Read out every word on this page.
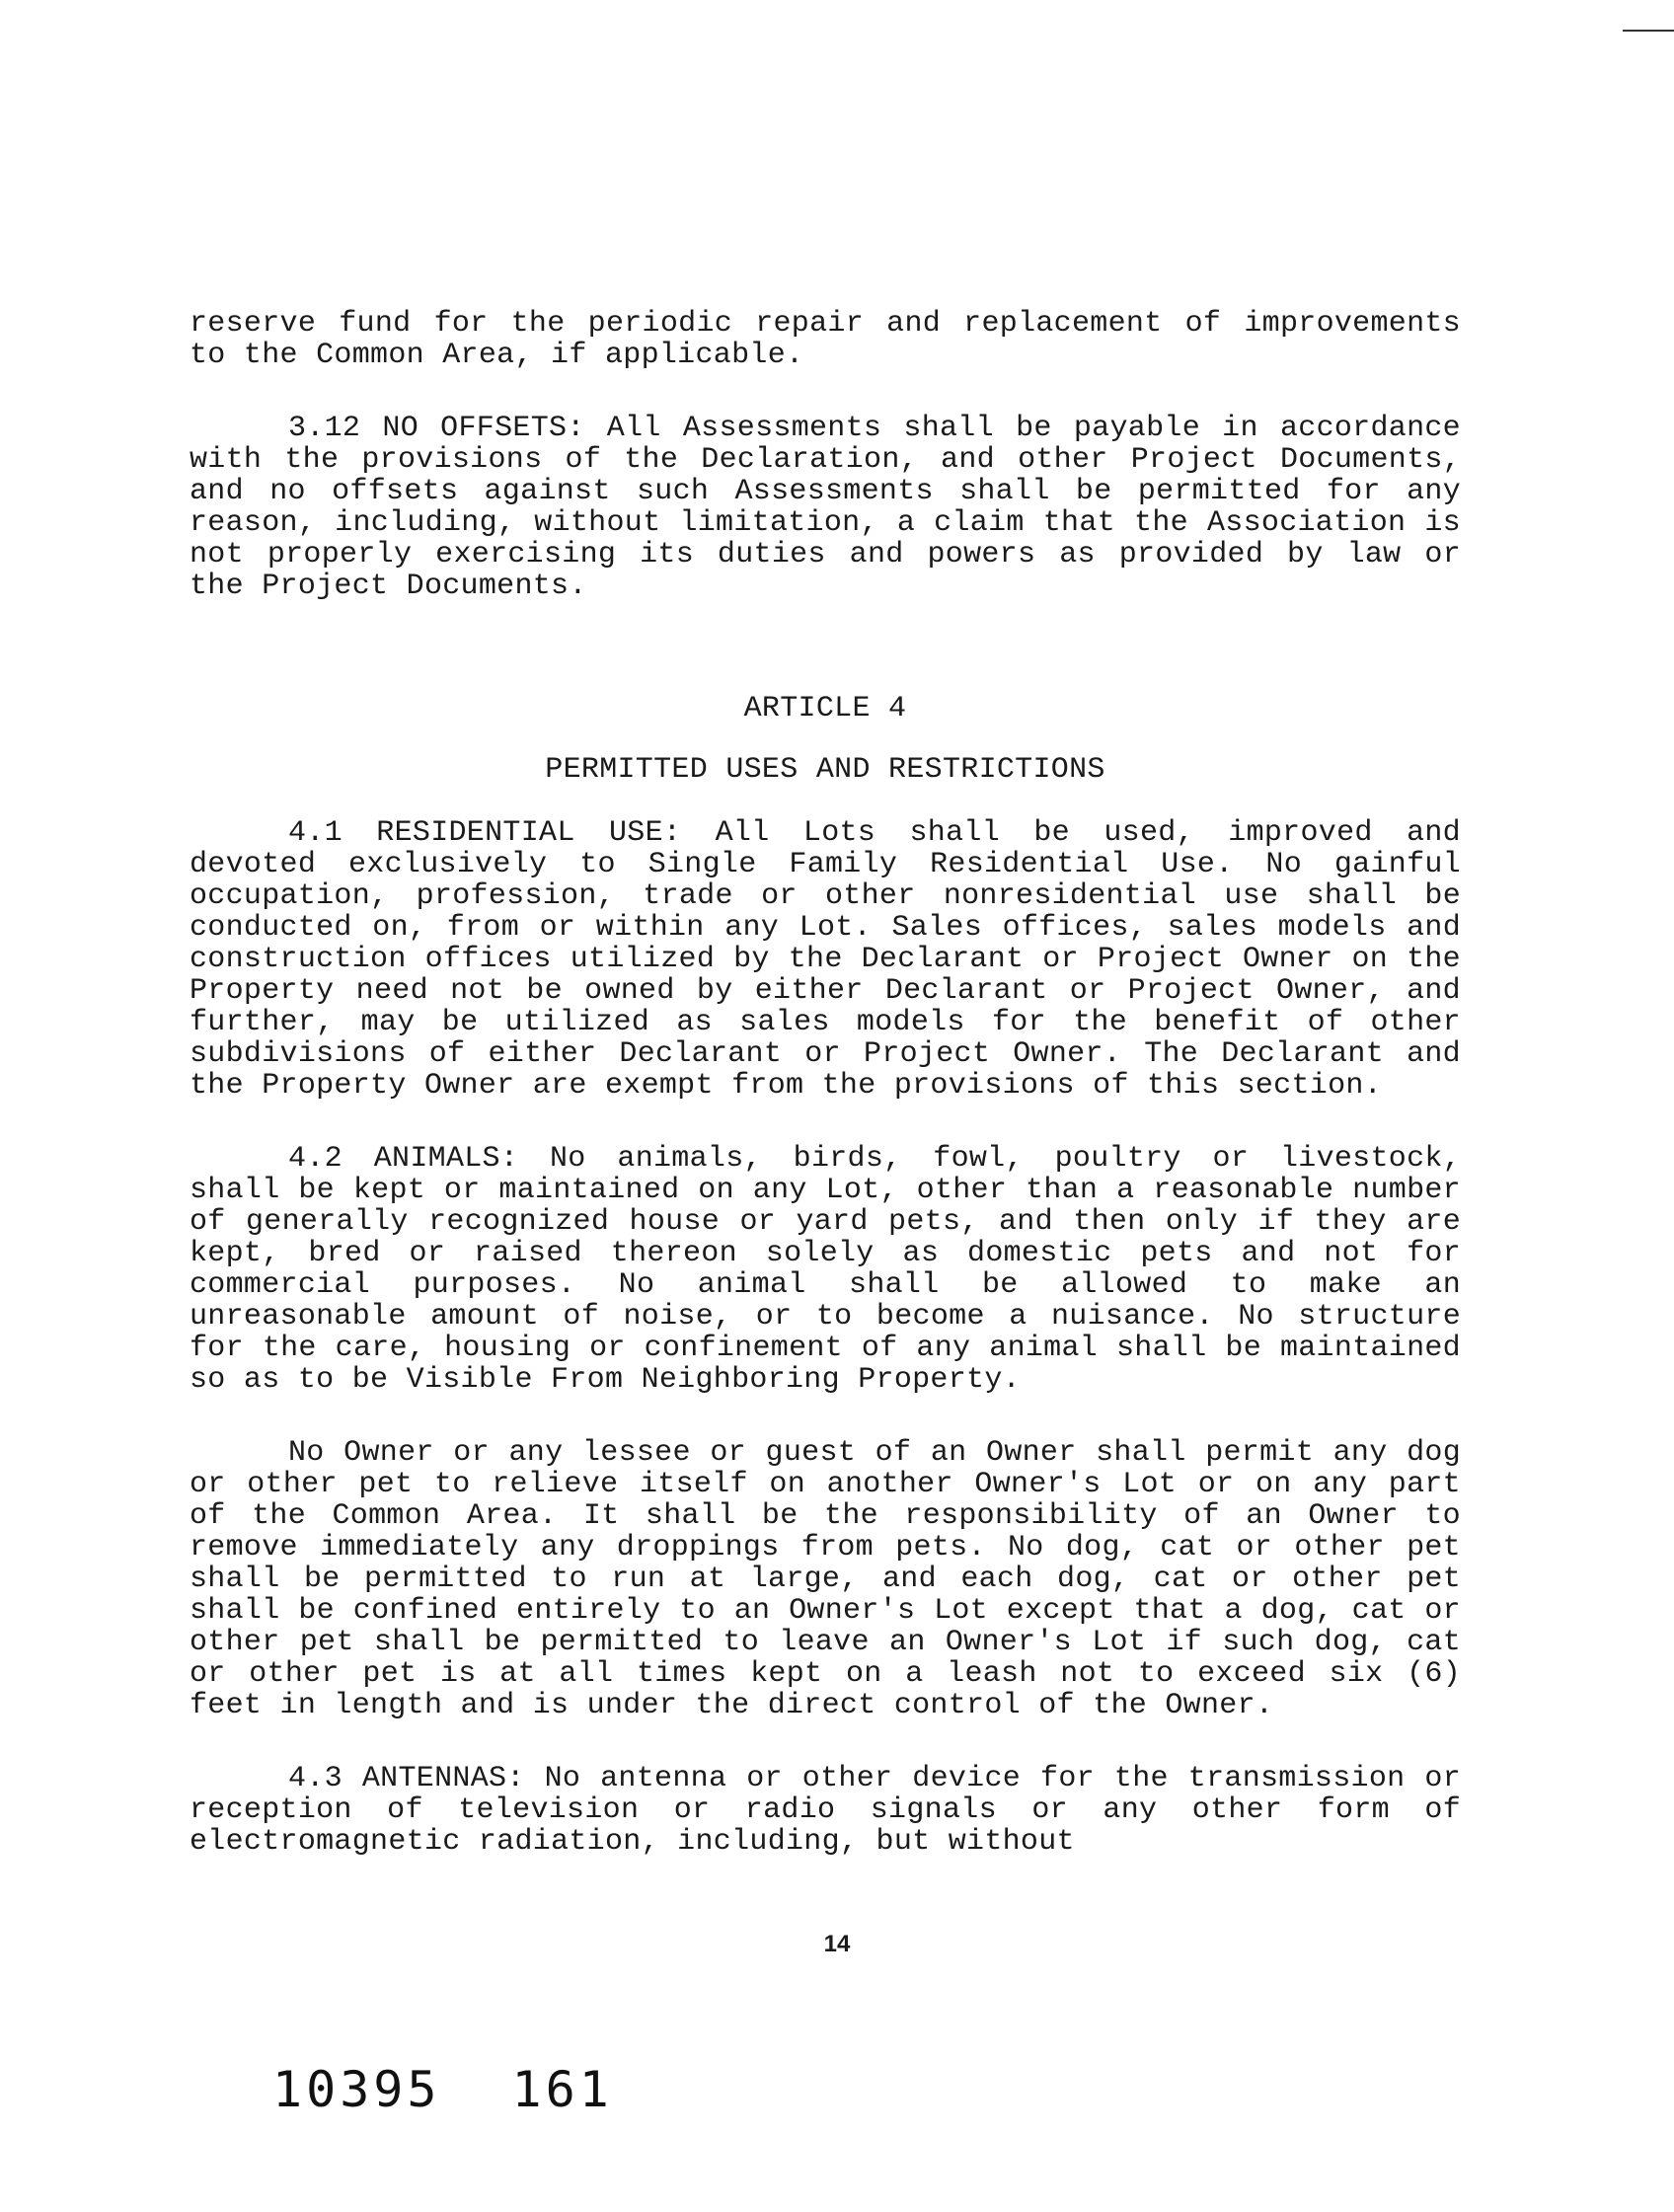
reserve fund for the periodic repair and replacement of improvements to the Common Area, if applicable.

3.12 NO OFFSETS: All Assessments shall be payable in accordance with the provisions of the Declaration, and other Project Documents, and no offsets against such Assessments shall be permitted for any reason, including, without limitation, a claim that the Association is not properly exercising its duties and powers as provided by law or the Project Documents.

ARTICLE 4

PERMITTED USES AND RESTRICTIONS

4.1 RESIDENTIAL USE: All Lots shall be used, improved and devoted exclusively to Single Family Residential Use. No gainful occupation, profession, trade or other nonresidential use shall be conducted on, from or within any Lot. Sales offices, sales models and construction offices utilized by the Declarant or Project Owner on the Property need not be owned by either Declarant or Project Owner, and further, may be utilized as sales models for the benefit of other subdivisions of either Declarant or Project Owner. The Declarant and the Property Owner are exempt from the provisions of this section.

4.2 ANIMALS: No animals, birds, fowl, poultry or livestock, shall be kept or maintained on any Lot, other than a reasonable number of generally recognized house or yard pets, and then only if they are kept, bred or raised thereon solely as domestic pets and not for commercial purposes. No animal shall be allowed to make an unreasonable amount of noise, or to become a nuisance. No structure for the care, housing or confinement of any animal shall be maintained so as to be Visible From Neighboring Property.

No Owner or any lessee or guest of an Owner shall permit any dog or other pet to relieve itself on another Owner's Lot or on any part of the Common Area. It shall be the responsibility of an Owner to remove immediately any droppings from pets. No dog, cat or other pet shall be permitted to run at large, and each dog, cat or other pet shall be confined entirely to an Owner's Lot except that a dog, cat or other pet shall be permitted to leave an Owner's Lot if such dog, cat or other pet is at all times kept on a leash not to exceed six (6) feet in length and is under the direct control of the Owner.

4.3 ANTENNAS: No antenna or other device for the transmission or reception of television or radio signals or any other form of electromagnetic radiation, including, but without

14
10395 161
